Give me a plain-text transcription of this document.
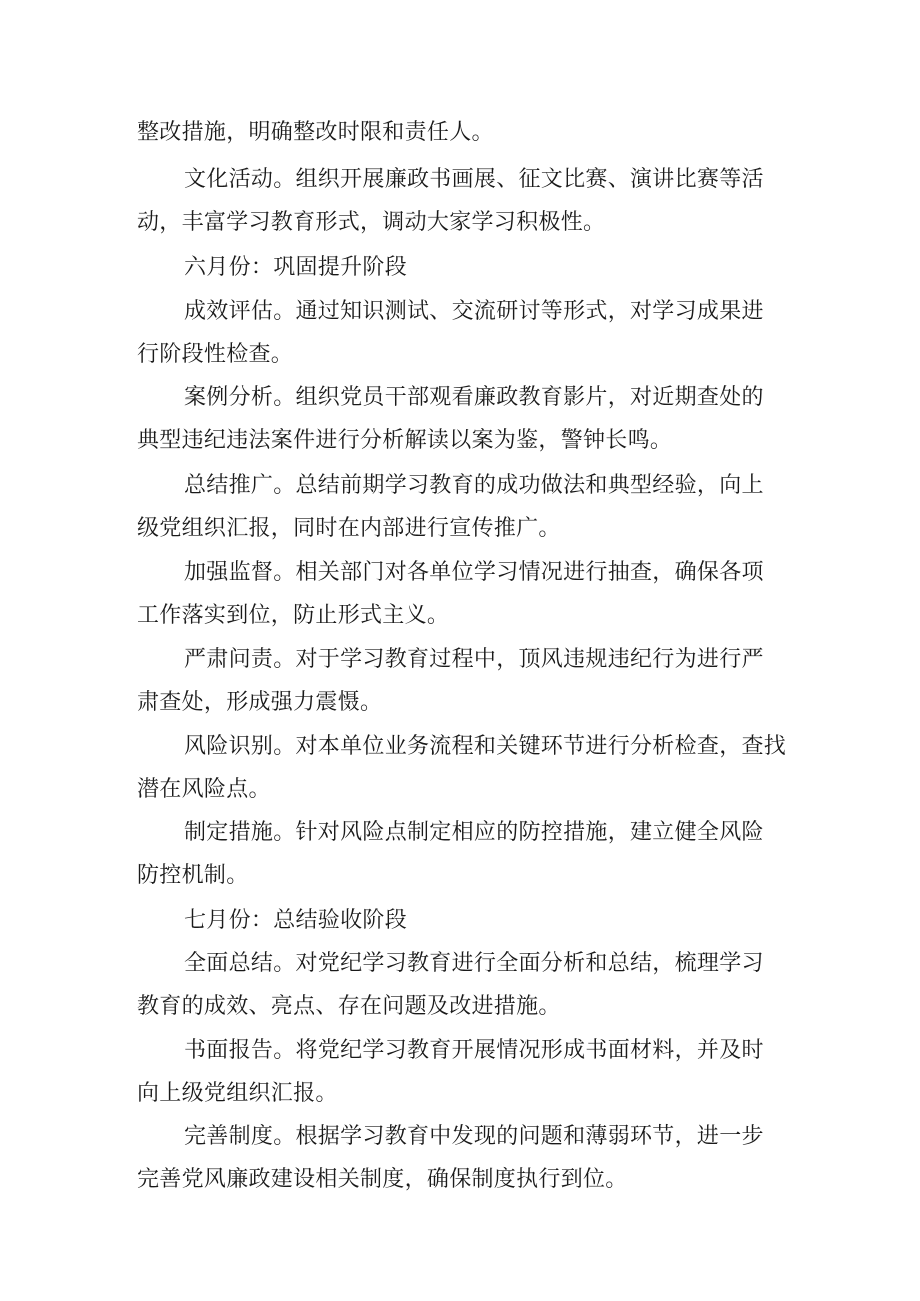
整改措施，明确整改时限和责任人。
文化活动。组织开展廉政书画展、征文比赛、演讲比赛等活
动，丰富学习教育形式，调动大家学习积极性。
六月份：巩固提升阶段
成效评估。通过知识测试、交流研讨等形式，对学习成果进
行阶段性检查。
案例分析。组织党员干部观看廉政教育影片，对近期查处的
典型违纪违法案件进行分析解读以案为鉴，警钟长鸣。
总结推广。总结前期学习教育的成功做法和典型经验，向上
级党组织汇报，同时在内部进行宣传推广。
加强监督。相关部门对各单位学习情况进行抽查，确保各项
工作落实到位，防止形式主义。
严肃问责。对于学习教育过程中，顶风违规违纪行为进行严
肃查处，形成强力震慑。
风险识别。对本单位业务流程和关键环节进行分析检查，查找
潜在风险点。
制定措施。针对风险点制定相应的防控措施，建立健全风险
防控机制。
七月份：总结验收阶段
全面总结。对党纪学习教育进行全面分析和总结，梳理学习
教育的成效、亮点、存在问题及改进措施。
书面报告。将党纪学习教育开展情况形成书面材料，并及时
向上级党组织汇报。
完善制度。根据学习教育中发现的问题和薄弱环节，进一步
完善党风廉政建设相关制度，确保制度执行到位。
